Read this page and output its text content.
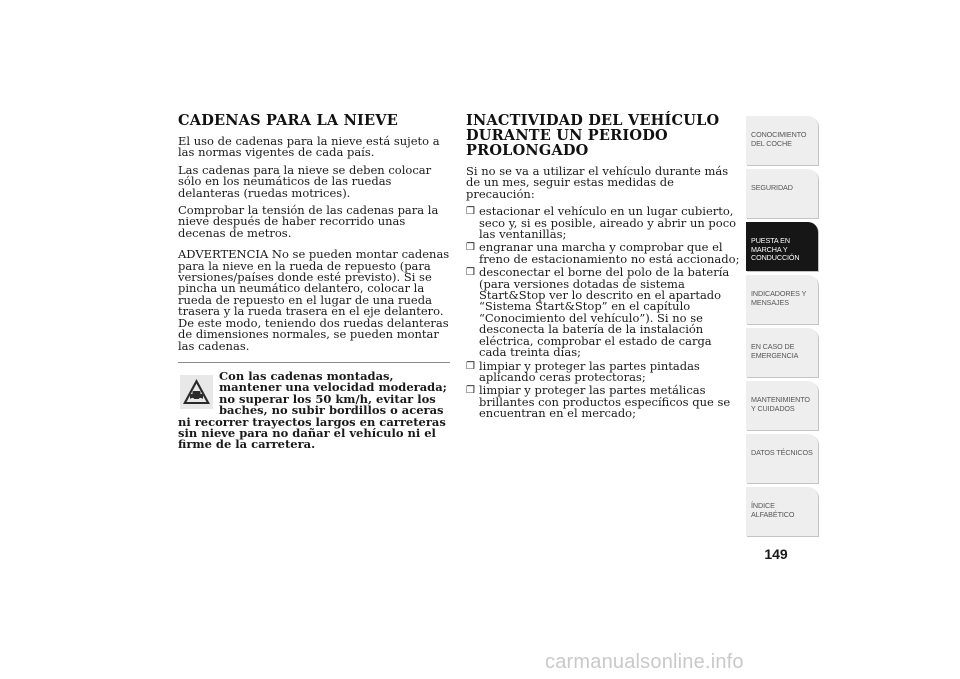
CADENAS PARA LA NIEVE

El uso de cadenas para la nieve está sujeto a las normas vigentes de cada país.

Las cadenas para la nieve se deben colocar sólo en los neumáticos de las ruedas delanteras (ruedas motrices).

Comprobar la tensión de las cadenas para la nieve después de haber recorrido unas decenas de metros.

ADVERTENCIA No se pueden montar cadenas para la nieve en la rueda de repuesto (para versiones/países donde esté previsto). Si se pincha un neumático delantero, colocar la rueda de repuesto en el lugar de una rueda trasera y la rueda trasera en el eje delantero. De este modo, teniendo dos ruedas delanteras de dimensiones normales, se pueden montar las cadenas.

Con las cadenas montadas, mantener una velocidad moderada; no superar los 50 km/h, evitar los baches, no subir bordillos o aceras ni recorrer trayectos largos en carreteras sin nieve para no dañar el vehículo ni el firme de la carretera.

INACTIVIDAD DEL VEHÍCULO DURANTE UN PERIODO PROLONGADO

Si no se va a utilizar el vehículo durante más de un mes, seguir estas medidas de precaución:

❒ estacionar el vehículo en un lugar cubierto, seco y, si es posible, aireado y abrir un poco las ventanillas;
❒ engranar una marcha y comprobar que el freno de estacionamiento no está accionado;
❒ desconectar el borne del polo de la batería (para versiones dotadas de sistema Start&Stop ver lo descrito en el apartado “Sistema Start&Stop” en el capítulo “Conocimiento del vehículo”). Si no se desconecta la batería de la instalación eléctrica, comprobar el estado de carga cada treinta días;
❒ limpiar y proteger las partes pintadas aplicando ceras protectoras;
❒ limpiar y proteger las partes metálicas brillantes con productos específicos que se encuentran en el mercado;
CONOCIMIENTO DEL COCHE
SEGURIDAD
PUESTA EN MARCHA Y CONDUCCIÓN
INDICADORES Y MENSAJES
EN CASO DE EMERGENCIA
MANTENIMIENTO Y CUIDADOS
DATOS TÉCNICOS
ÍNDICE ALFABÉTICO
149
carmanualsonline.info
